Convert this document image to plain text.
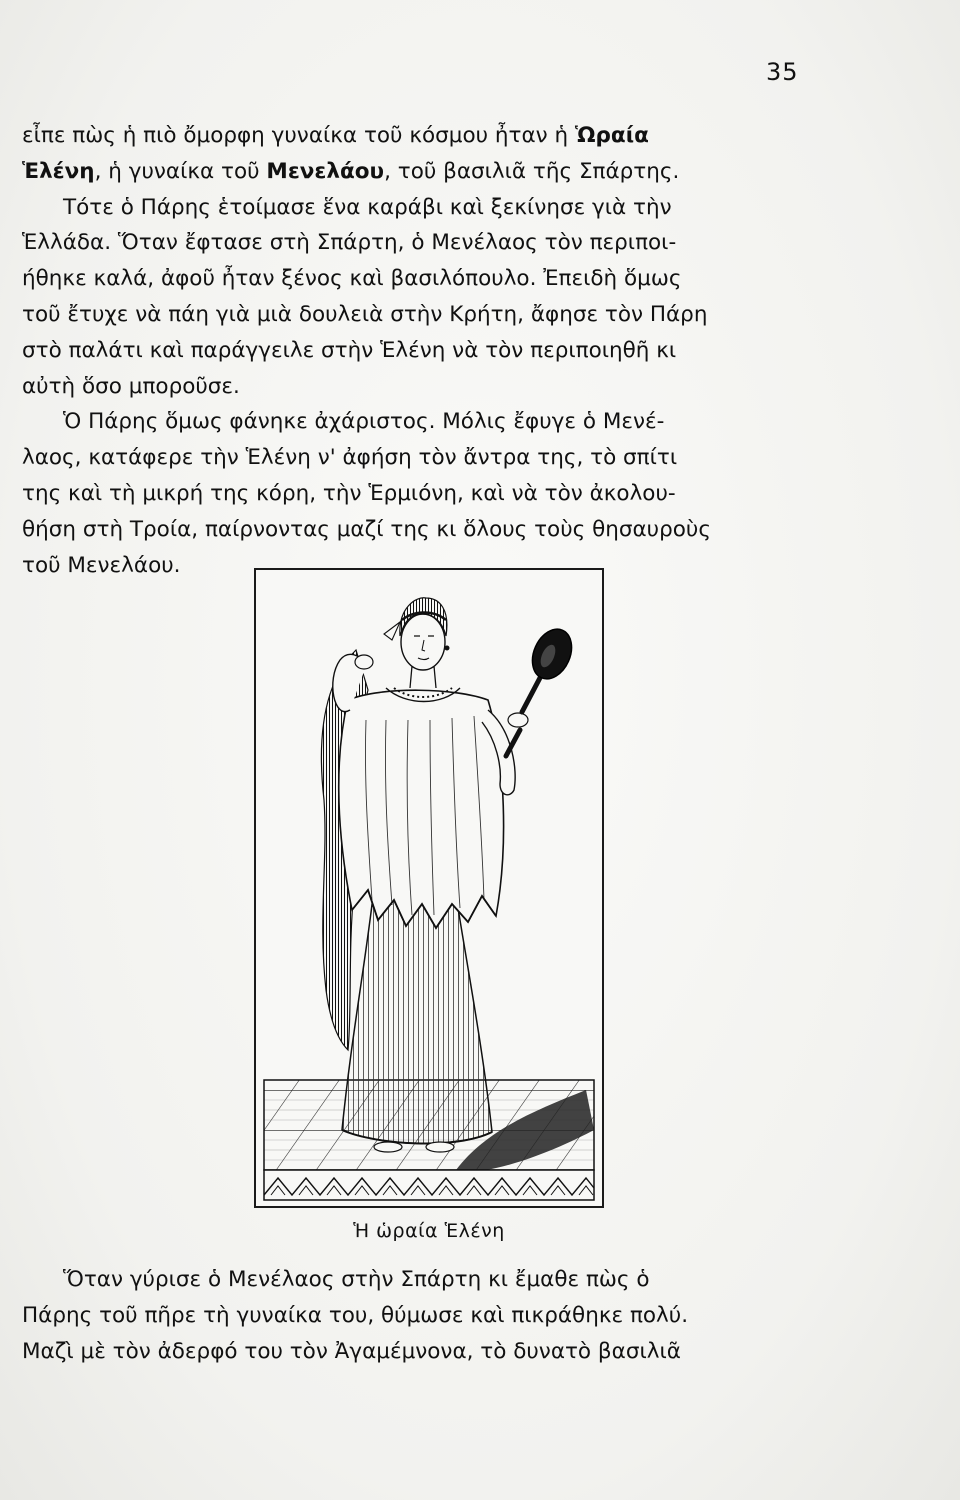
35
εἶπε πὼς ἡ πιὸ ὄμορφη γυναίκα τοῦ κόσμου ἦταν ἡ Ὡραία
Ἑλένη, ἡ γυναίκα τοῦ Μενελάου, τοῦ βασιλιᾶ τῆς Σπάρτης.
Τότε ὁ Πάρης ἑτοίμασε ἕνα καράβι καὶ ξεκίνησε γιὰ τὴν
Ἑλλάδα. Ὅταν ἔφτασε στὴ Σπάρτη, ὁ Μενέλαος τὸν περιποι-
ήθηκε καλά, ἀφοῦ ἦταν ξένος καὶ βασιλόπουλο. Ἐπειδὴ ὅμως
τοῦ ἔτυχε νὰ πάη γιὰ μιὰ δουλειὰ στὴν Κρήτη, ἄφησε τὸν Πάρη
στὸ παλάτι καὶ παράγγειλε στὴν Ἑλένη νὰ τὸν περιποιηθῆ κι
αὐτὴ ὅσο μποροῦσε.
Ὁ Πάρης ὅμως φάνηκε ἀχάριστος. Μόλις ἔφυγε ὁ Μενέ-
λαος, κατάφερε τὴν Ἑλένη ν' ἀφήση τὸν ἄντρα της, τὸ σπίτι
της καὶ τὴ μικρή της κόρη, τὴν Ἑρμιόνη, καὶ νὰ τὸν ἀκολου-
θήση στὴ Τροία, παίρνοντας μαζί της κι ὅλους τοὺς θησαυροὺς
τοῦ Μενελάου.
Ἡ ὡραία Ἑλένη
Ὅταν γύρισε ὁ Μενέλαος στὴν Σπάρτη κι ἔμαθε πὼς ὁ
Πάρης τοῦ πῆρε τὴ γυναίκα του, θύμωσε καὶ πικράθηκε πολύ.
Μαζὶ μὲ τὸν ἀδερφό του τὸν Ἀγαμέμνονα, τὸ δυνατὸ βασιλιᾶ
